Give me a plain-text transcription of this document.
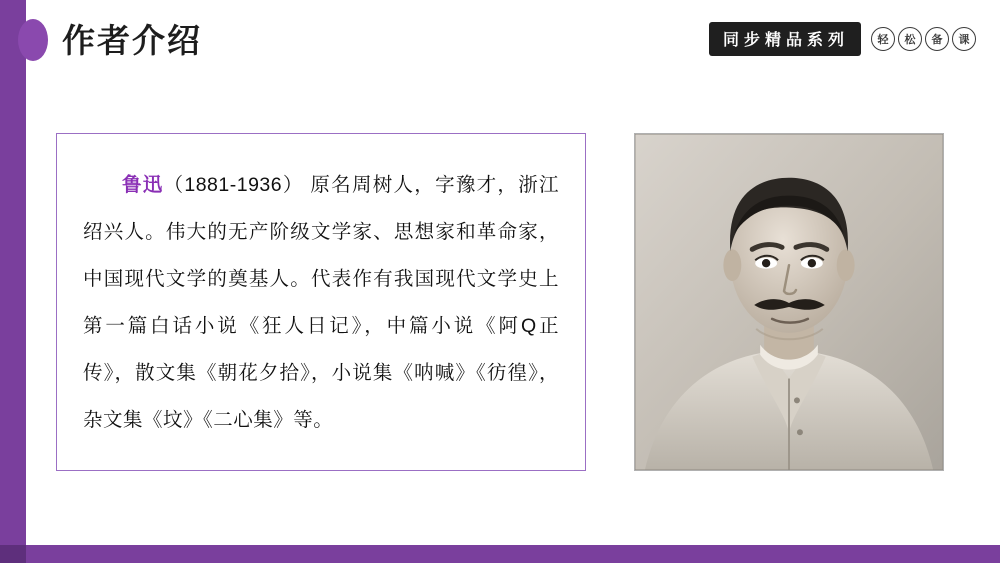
作者介绍	同步精品系列	轻	松	备	课

鲁迅（1881-1936） 原名周树人，字豫才，浙江绍兴人。伟大的无产阶级文学家、思想家和革命家，中国现代文学的奠基人。代表作有我国现代文学史上第一篇白话小说《狂人日记》，中篇小说《阿Q正传》，散文集《朝花夕拾》，小说集《呐喊》《彷徨》，杂文集《坟》《二心集》等。
